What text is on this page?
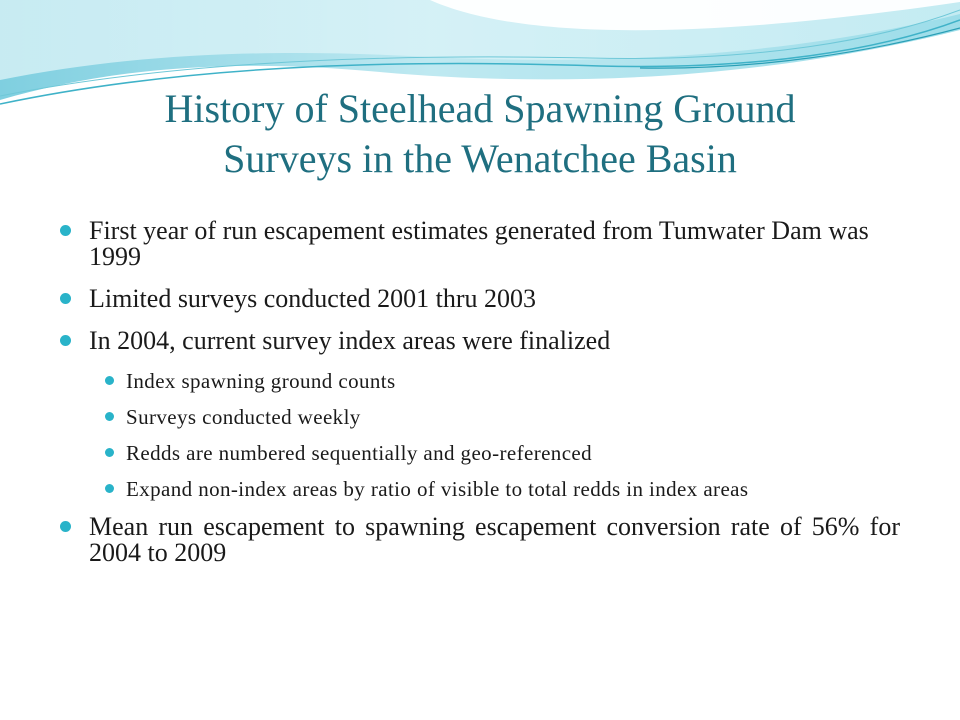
History of Steelhead Spawning Ground
Surveys in the Wenatchee Basin
First year of run escapement estimates generated from Tumwater Dam was 1999
Limited surveys conducted 2001 thru 2003
In 2004, current survey index areas were finalized
Index spawning ground counts
Surveys conducted weekly
Redds are numbered sequentially and geo-referenced
Expand non-index areas by ratio of visible to total redds in index areas
Mean run escapement to spawning escapement conversion rate of 56% for 2004 to 2009
